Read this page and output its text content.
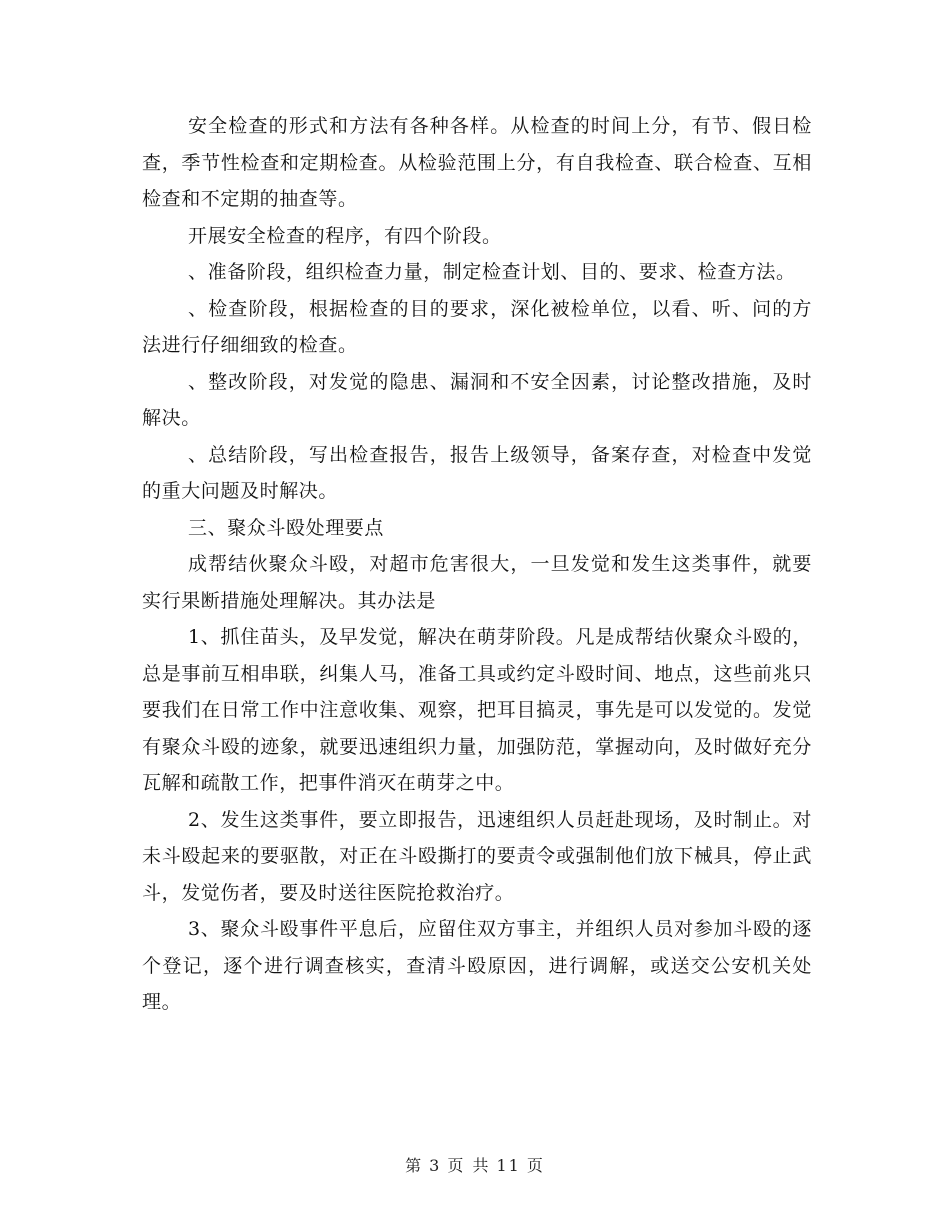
安全检查的形式和方法有各种各样。从检查的时间上分，有节、假日检查，季节性检查和定期检查。从检验范围上分，有自我检查、联合检查、互相检查和不定期的抽查等。

开展安全检查的程序，有四个阶段。

、准备阶段，组织检查力量，制定检查计划、目的、要求、检查方法。

、检查阶段，根据检查的目的要求，深化被检单位，以看、听、问的方法进行仔细细致的检查。

、整改阶段，对发觉的隐患、漏洞和不安全因素，讨论整改措施，及时解决。

、总结阶段，写出检查报告，报告上级领导，备案存查，对检查中发觉的重大问题及时解决。

三、聚众斗殴处理要点

成帮结伙聚众斗殴，对超市危害很大，一旦发觉和发生这类事件，就要实行果断措施处理解决。其办法是

1、抓住苗头，及早发觉，解决在萌芽阶段。凡是成帮结伙聚众斗殴的，总是事前互相串联，纠集人马，准备工具或约定斗殴时间、地点，这些前兆只要我们在日常工作中注意收集、观察，把耳目搞灵，事先是可以发觉的。发觉有聚众斗殴的迹象，就要迅速组织力量，加强防范，掌握动向，及时做好充分瓦解和疏散工作，把事件消灭在萌芽之中。

2、发生这类事件，要立即报告，迅速组织人员赶赴现场，及时制止。对未斗殴起来的要驱散，对正在斗殴撕打的要责令或强制他们放下械具，停止武斗，发觉伤者，要及时送往医院抢救治疗。

3、聚众斗殴事件平息后，应留住双方事主，并组织人员对参加斗殴的逐个登记，逐个进行调查核实，查清斗殴原因，进行调解，或送交公安机关处理。

第 3 页 共 11 页
